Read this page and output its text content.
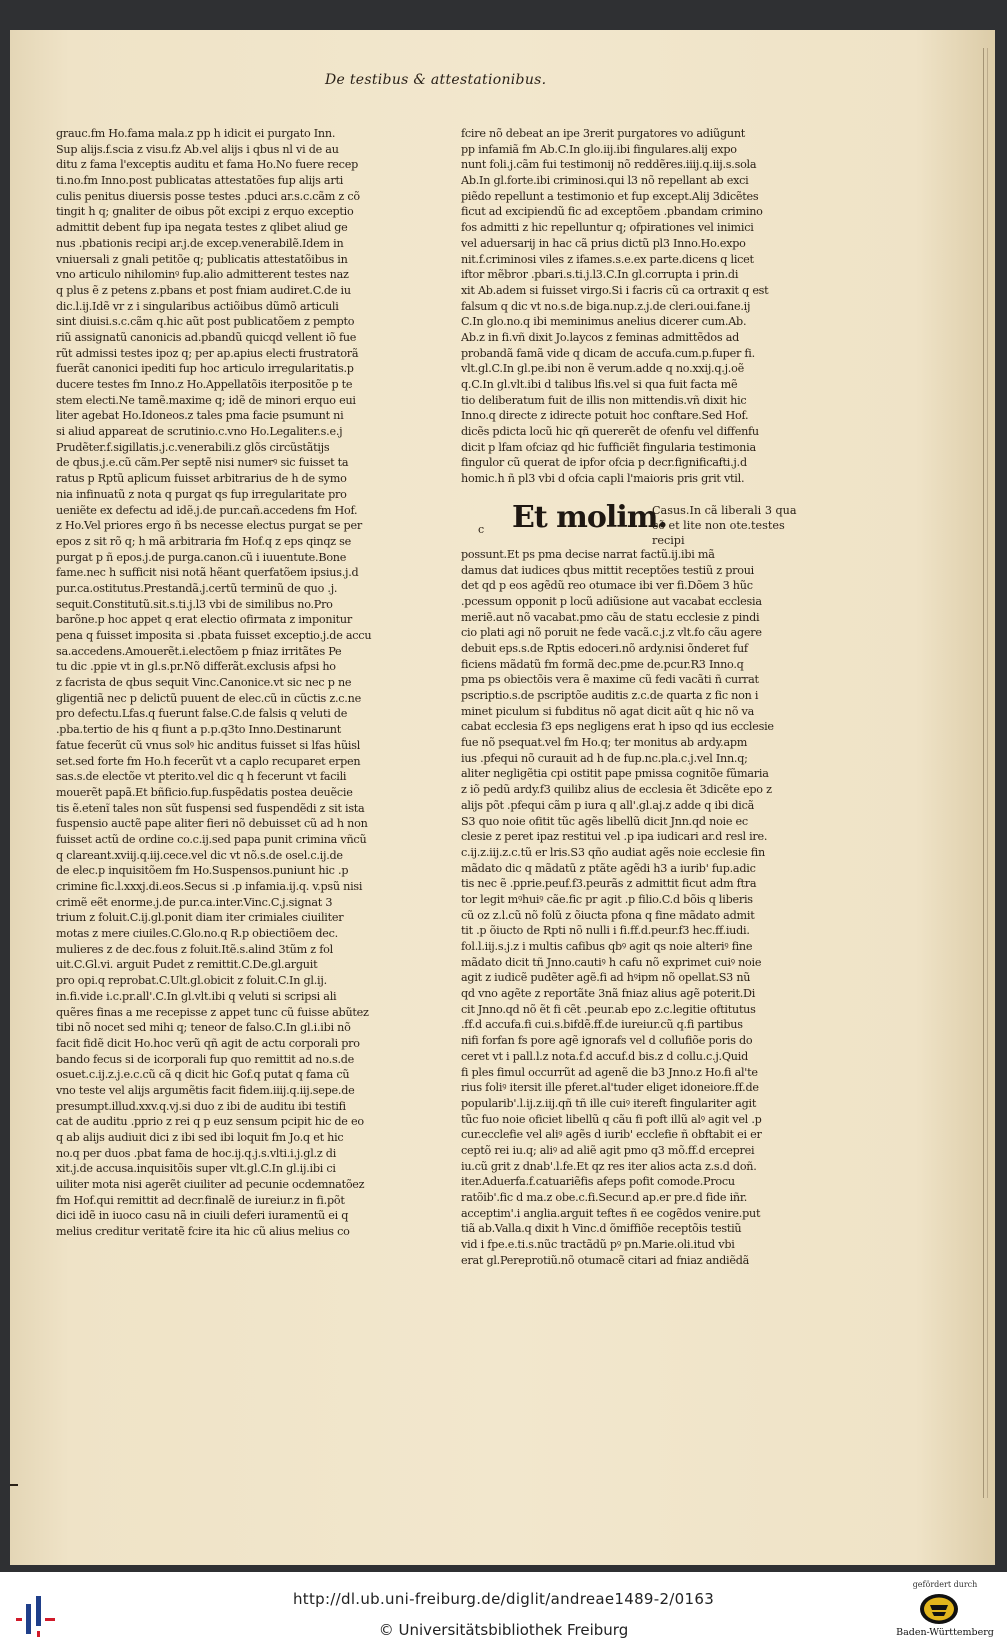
De testibus & attestationibus.
grauc.fm Ho.fama mala.z pp h idicit ei purgato Inn.
Sup alijs.f.scia z visu.fz Ab.vel alijs i qbus nl vi de au
ditu z fama l'exceptis auditu et fama Ho.No fuere recep
ti.no.fm Inno.post publicatas attestatões fup alijs arti
culis penitus diuersis posse testes .pduci ar.s.c.cãm z cõ
tingit h q; gnaliter de oibus põt excipi z erquo exceptio
admittit debent fup ipa negata testes z qlibet aliud ge
nus .pbationis recipi ar.j.de excep.venerabilẽ.Idem in
vniuersali z gnali petitõe q; publicatis attestatõibus in
vno articulo nihilominꝰ fup.alio admitterent testes naz
q plus ẽ z petens z.pbans et post fniam audiret.C.de iu
dic.l.ij.Idẽ vr z i singularibus actiõibus dũmõ articuli
sint diuisi.s.c.cãm q.hic aũt post publicatõem z pempto
riũ assignatũ canonicis ad.pbandũ quicqd vellent iõ fue
rũt admissi testes ipoz q; per ap.apius electi frustratorã
fuerãt canonici ipediti fup hoc articulo irregularitatis.p
ducere testes fm Inno.z Ho.Appellatõis iterpositõe p te
stem electi.Ne tamẽ.maxime q; idẽ de minori erquo eui
liter agebat Ho.Idoneos.z tales pma facie psumunt ni
si aliud appareat de scrutinio.c.vno Ho.Legaliter.s.e.j
Prudẽter.f.sigillatis.j.c.venerabili.z glõs circũstãtijs
de qbus.j.e.cũ cãm.Per septẽ nisi numerꝰ sic fuisset ta
ratus p Rptũ aplicum fuisset arbitrarius de h de symo
nia infinuatũ z nota q purgat qs fup irregularitate pro
ueniẽte ex defectu ad idẽ.j.de pur.cañ.accedens fm Hof.
z Ho.Vel priores ergo ñ bs necesse electus purgat se per
epos z sit rõ q; h mã arbitraria fm Hof.q z eps qinqz se
purgat p ñ epos.j.de purga.canon.cũ i iuuentute.Bone
fame.nec h sufficit nisi notã hẽant querfatõem ipsius.j.d
pur.ca.ostitutus.Prestandã.j.certũ terminũ de quo .j.
sequit.Constitutũ.sit.s.ti.j.l3 vbi de similibus no.Pro
barõne.p hoc appet q erat electio ofirmata z imponitur
pena q fuisset imposita si .pbata fuisset exceptio.j.de accu
sa.accedens.Amouerẽt.i.electõem p fniaz irritãtes Pe
tu dic .ppie vt in gl.s.pr.Nõ differãt.exclusis afpsi ho
z facrista de qbus sequit Vinc.Canonice.vt sic nec p ne
gligentiã nec p delictũ puuent de elec.cũ in cũctis z.c.ne
pro defectu.Lfas.q fuerunt false.C.de falsis q veluti de
.pba.tertio de his q fiunt a p.p.q3to Inno.Destinarunt
fatue fecerũt cũ vnus solꝰ hic anditus fuisset si lfas hũisl
set.sed forte fm Ho.h fecerũt vt a caplo recuparet erpen
sas.s.de electõe vt pterito.vel dic q h fecerunt vt facili
mouerẽt papã.Et bñficio.fup.fuspẽdatis postea deuẽcie
tis ẽ.etenĩ tales non sũt fuspensi sed fuspendẽdi z sit ista
fuspensio auctẽ pape aliter fieri nõ debuisset cũ ad h non
fuisset actũ de ordine co.c.ij.sed papa punit crimina vñcũ
q clareant.xviij.q.iij.cece.vel dic vt nõ.s.de osel.c.ij.de
de elec.p inquisitõem fm Ho.Suspensos.puniunt hic .p
crimine fic.l.xxxj.di.eos.Secus si .p infamia.ij.q. v.psũ nisi
crimẽ eẽt enorme.j.de pur.ca.inter.Vinc.C.j.signat 3
trium z foluit.C.ij.gl.ponit diam iter crimiales ciuiliter
motas z mere ciuiles.C.Glo.no.q R.p obiectiõem dec.
mulieres z de dec.fous z foluit.Itẽ.s.alind 3tũm z fol
uit.C.Gl.vi. arguit Pudet z remittit.C.De.gl.arguit
pro opi.q reprobat.C.Ult.gl.obicit z foluit.C.In gl.ij.
in.fi.vide i.c.pr.all'.C.In gl.vlt.ibi q veluti si scripsi ali
quẽres finas a me recepisse z appet tunc cũ fuisse abũtez
tibi nõ nocet sed mihi q; teneor de falso.C.In gl.i.ibi nõ
facit fidẽ dicit Ho.hoc verũ qñ agit de actu corporali pro
bando fecus si de icorporali fup quo remittit ad no.s.de
osuet.c.ij.z.j.e.c.cũ cã q dicit hic Gof.q putat q fama cũ
vno teste vel alijs argumẽtis facit fidem.iiij.q.iij.sepe.de
presumpt.illud.xxv.q.vj.si duo z ibi de auditu ibi testifi
cat de auditu .pprio z rei q p euz sensum pcipit hic de eo
q ab alijs audiuit dici z ibi sed ibi loquit fm Jo.q et hic
no.q per duos .pbat fama de hoc.ij.q.j.s.vlti.i.j.gl.z di
xit.j.de accusa.inquisitõis super vlt.gl.C.In gl.ij.ibi ci
uiliter mota nisi agerẽt ciuiliter ad pecunie ocdemnatõez
fm Hof.qui remittit ad decr.finalẽ de iureiur.z in fi.põt
dici idẽ in iuoco casu nã in ciuili deferi iuramentũ ei q
melius creditur veritatẽ fcire ita hic cũ alius melius co
fcire nõ debeat an ipe 3rerit purgatores vo adiũgunt
pp infamiã fm Ab.C.In glo.iij.ibi fingulares.alij expo
nunt foli.j.cãm fui testimonij nõ reddẽres.iiij.q.iij.s.sola
Ab.In gl.forte.ibi criminosi.qui l3 nõ repellant ab exci
piẽdo repellunt a testimonio et fup except.Alij 3dicẽtes
ficut ad excipiendũ fic ad exceptõem .pbandam crimino
fos admitti z hic repelluntur q; ofpirationes vel inimici
vel aduersarij in hac cã prius dictũ pl3 Inno.Ho.expo
nit.f.criminosi viles z ifames.s.e.ex parte.dicens q licet
iftor mẽbror .pbari.s.ti.j.l3.C.In gl.corrupta i prin.di
xit Ab.adem si fuisset virgo.Si i facris cũ ca ortraxit q est
falsum q dic vt no.s.de biga.nup.z.j.de cleri.oui.fane.ij
C.In glo.no.q ibi meminimus anelius dicerer cum.Ab.
Ab.z in fi.vñ dixit Jo.laycos z feminas admittẽdos ad
probandã famã vide q dicam de accufa.cum.p.fuper fi.
vlt.gl.C.In gl.pe.ibi non ẽ verum.adde q no.xxij.q.j.oẽ
q.C.In gl.vlt.ibi d talibus lfis.vel si qua fuit facta mẽ
tio deliberatum fuit de illis non mittendis.vñ dixit hic
Inno.q directe z idirecte potuit hoc conftare.Sed Hof.
dicẽs pdicta locũ hic qñ quererẽt de ofenfu vel diffenfu
dicit p lfam ofciaz qd hic fufficiẽt fingularia testimonia
fingulor cũ querat de ipfor ofcia p decr.fignificafti.j.d
homic.h ñ pl3 vbi d ofcia capli l'maioris pris grit vtil.
possunt.Et ps pma decise narrat factũ.ij.ibi mã
damus dat iudices qbus mittit receptões testiũ z proui
det qd p eos agẽdũ reo otumace ibi ver fi.Dõem 3 hũc
.pcessum opponit p locũ adiũsione aut vacabat ecclesia
meriẽ.aut nõ vacabat.pmo cãu de statu ecclesie z pindi
cio plati agi nõ poruit ne fede vacã.c.j.z vlt.fo cãu agere
debuit eps.s.de Rptis edoceri.nõ ardy.nisi õnderet fuf
ficiens mãdatũ fm formã dec.pme de.pcur.R3 Inno.q
pma ps obiectõis vera ẽ maxime cũ fedi vacãti ñ currat
pscriptio.s.de pscriptõe auditis z.c.de quarta z fic non i
minet piculum si fubditus nõ agat dicit aũt q hic nõ va
cabat ecclesia f3 eps negligens erat h ipso qd ius ecclesie
fue nõ psequat.vel fm Ho.q; ter monitus ab ardy.apm
ius .pfequi nõ curauit ad h de fup.nc.pla.c.j.vel Inn.q;
aliter negligẽtia cpi ostitit pape pmissa cognitõe fũmaria
z iõ pedũ ardy.f3 quilibz alius de ecclesia ẽt 3dicẽte epo z
alijs põt .pfequi cãm p iura q all'.gl.aj.z adde q ibi dicã
S3 quo noie ofitit tũc agẽs libellũ dicit Jnn.qd noie ec
clesie z peret ipaz restitui vel .p ipa iudicari ar.d resl ire.
c.ij.z.iij.z.c.tũ er lris.S3 qño audiat agẽs noie ecclesie fin
mãdato dic q mãdatũ z ptãte agẽdi h3 a iurib' fup.adic
tis nec ẽ .pprie.peuf.f3.peurãs z admittit ficut adm ftra
tor legit mꝰhuiꝰ cãe.fic pr agit .p filio.C.d bõis q liberis
cũ oz z.l.cũ nõ folũ z õiucta pfona q fine mãdato admit
tit .p õiucto de Rpti nõ nulli i fi.ff.d.peur.f3 hec.ff.iudi.
fol.l.iij.s.j.z i multis cafibus qbꝰ agit qs noie alteriꝰ fine
mãdato dicit tñ Jnno.cautiꝰ h cafu nõ exprimet cuiꝰ noie
agit z iudicẽ pudẽter agẽ.fi ad hꝰipm nõ opellat.S3 nũ
qd vno agẽte z reportãte 3nã fniaz alius agẽ poterit.Di
cit Jnno.qd nõ ẽt fi cẽt .peur.ab epo z.c.legitie oftitutus
.ff.d accufa.fi cui.s.bifdẽ.ff.de iureiur.cũ q.fi partibus
nifi forfan fs pore agẽ ignorafs vel d collufiõe poris do
ceret vt i pall.l.z nota.f.d accuf.d bis.z d collu.c.j.Quid
fi ples fimul occurrũt ad agenẽ die b3 Jnno.z Ho.fi al'te
rius foliꝰ itersit ille pferet.al'tuder eliget idoneiore.ff.de
popularib'.l.ij.z.iij.qñ tñ ille cuiꝰ itereft fingulariter agit
tũc fuo noie oficiet libellũ q cãu fi poft illũ alꝰ agit vel .p
cur.ecclefie vel aliꝰ agẽs d iurib' ecclefie ñ obftabit ei er
ceptõ rei iu.q; aliꝰ ad aliẽ agit pmo q3 mõ.ff.d erceprei
iu.cũ grit z dnab'.l.fe.Et qz res iter alios acta z.s.d doñ.
iter.Aduerfa.f.catuariẽfis afeps pofit comode.Procu
ratõib'.fic d ma.z obe.c.fi.Secur.d ap.er pre.d fide iñr.
acceptim'.i anglia.arguit teftes ñ ee cogẽdos venire.put
tiã ab.Valla.q dixit h Vinc.d õmiffiõe receptõis testiũ
vid i fpe.e.ti.s.nũc tractãdũ pꝰ pn.Marie.oli.itud vbi
erat gl.Pereprotiũ.nõ otumacẽ citari ad fniaz andiẽdã
Et molim.
Casus.In cã liberali 3 qua cẽ et lite non ote.testes recipi
c
http://dl.ub.uni-freiburg.de/diglit/andreae1489-2/0163
© Universitätsbibliothek Freiburg
gefördert durch
Baden-Württemberg
